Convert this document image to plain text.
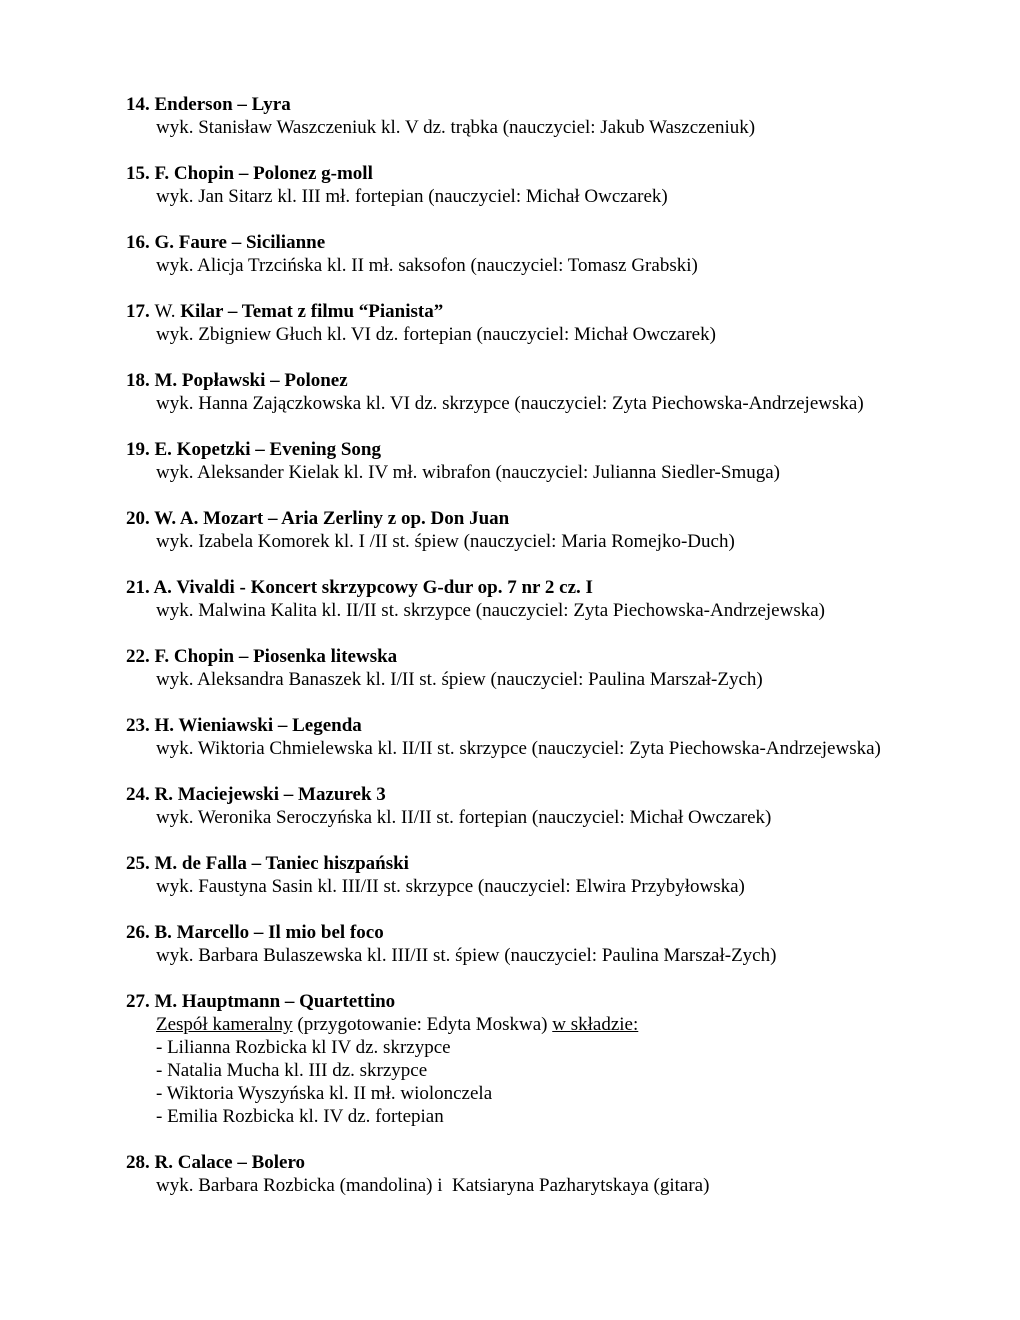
14. Enderson – Lyra
wyk. Stanisław Waszczeniuk kl. V dz. trąbka (nauczyciel: Jakub Waszczeniuk)
15. F. Chopin – Polonez g-moll
wyk. Jan Sitarz kl. III mł. fortepian (nauczyciel: Michał Owczarek)
16. G. Faure – Sicilianne
wyk. Alicja Trzcińska kl. II mł. saksofon (nauczyciel: Tomasz Grabski)
17. W. Kilar – Temat z filmu “Pianista”
wyk. Zbigniew Głuch kl. VI dz. fortepian (nauczyciel: Michał Owczarek)
18. M. Popławski – Polonez
wyk. Hanna Zajączkowska kl. VI dz. skrzypce (nauczyciel: Zyta Piechowska-Andrzejewska)
19. E. Kopetzki – Evening Song
wyk. Aleksander Kielak kl. IV mł. wibrafon (nauczyciel: Julianna Siedler-Smuga)
20. W. A. Mozart – Aria Zerliny z op. Don Juan
wyk. Izabela Komorek kl. I /II st. śpiew (nauczyciel: Maria Romejko-Duch)
21. A. Vivaldi - Koncert skrzypcowy G-dur op. 7 nr 2 cz. I
wyk. Malwina Kalita kl. II/II st. skrzypce (nauczyciel: Zyta Piechowska-Andrzejewska)
22. F. Chopin – Piosenka litewska
wyk. Aleksandra Banaszek kl. I/II st. śpiew (nauczyciel: Paulina Marszał-Zych)
23. H. Wieniawski – Legenda
wyk. Wiktoria Chmielewska kl. II/II st. skrzypce (nauczyciel: Zyta Piechowska-Andrzejewska)
24. R. Maciejewski – Mazurek 3
wyk. Weronika Seroczyńska kl. II/II st. fortepian (nauczyciel: Michał Owczarek)
25. M. de Falla – Taniec hiszpański
wyk. Faustyna Sasin kl. III/II st. skrzypce (nauczyciel: Elwira Przybyłowska)
26. B. Marcello – Il mio bel foco
wyk. Barbara Bulaszewska kl. III/II st. śpiew (nauczyciel: Paulina Marszał-Zych)
27. M. Hauptmann – Quartettino
Zespół kameralny (przygotowanie: Edyta Moskwa) w składzie:
- Lilianna Rozbicka kl IV dz. skrzypce
- Natalia Mucha kl. III dz. skrzypce
- Wiktoria Wyszyńska kl. II mł. wiolonczela
- Emilia Rozbicka kl. IV dz. fortepian
28. R. Calace – Bolero
wyk. Barbara Rozbicka (mandolina) i  Katsiaryna Pazharytskaya (gitara)
